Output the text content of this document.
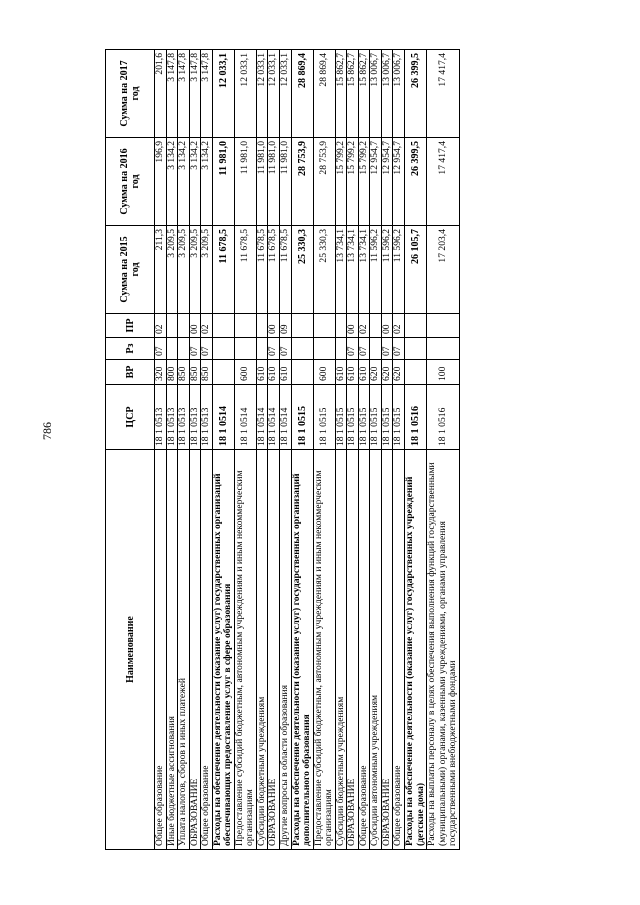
786
Наименование	ЦСР	ВР	Рз	ПР	Сумма на 2015 год	Сумма на 2016 год	Сумма на 2017 год
Общее образование	18 1 0513	320	07	02	211,3	196,9	201,6
Иные бюджетные ассигнования	18 1 0513	800			3 209,5	3 134,2	3 147,8
Уплата налогов, сборов и иных платежей	18 1 0513	850			3 209,5	3 134,2	3 147,8
ОБРАЗОВАНИЕ	18 1 0513	850	07	00	3 209,5	3 134,2	3 147,8
Общее образование	18 1 0513	850	07	02	3 209,5	3 134,2	3 147,8
Расходы на обеспечение деятельности (оказание услуг) государственных организаций обеспечивающих предоставление услуг в сфере образования	18 1 0514				11 678,5	11 981,0	12 033,1
Предоставление субсидий бюджетным, автономным учреждениям и иным некоммерческим организациям	18 1 0514	600			11 678,5	11 981,0	12 033,1
Субсидии бюджетным учреждениям	18 1 0514	610			11 678,5	11 981,0	12 033,1
ОБРАЗОВАНИЕ	18 1 0514	610	07	00	11 678,5	11 981,0	12 033,1
Другие вопросы в области образования	18 1 0514	610	07	09	11 678,5	11 981,0	12 033,1
Расходы на обеспечение деятельности (оказание услуг) государственных организаций дополнительного образования	18 1 0515				25 330,3	28 753,9	28 869,4
Предоставление субсидий бюджетным, автономным учреждениям и иным некоммерческим организациям	18 1 0515	600			25 330,3	28 753,9	28 869,4
Субсидии бюджетным учреждениям	18 1 0515	610			13 734,1	15 799,2	15 862,7
ОБРАЗОВАНИЕ	18 1 0515	610	07	00	13 734,1	15 799,2	15 862,7
Общее образование	18 1 0515	610	07	02	13 734,1	15 799,2	15 862,7
Субсидии автономным учреждениям	18 1 0515	620			11 596,2	12 954,7	13 006,7
ОБРАЗОВАНИЕ	18 1 0515	620	07	00	11 596,2	12 954,7	13 006,7
Общее образование	18 1 0515	620	07	02	11 596,2	12 954,7	13 006,7
Расходы на обеспечение деятельности (оказание услуг) государственных учреждений (детские дома)	18 1 0516				26 105,7	26 399,5	26 399,5
Расходы на выплаты персоналу в целях обеспечения выполнения функций государственными (муниципальными) органами, казенными учреждениями, органами управления государственными внебюджетными фондами	18 1 0516	100			17 203,4	17 417,4	17 417,4
